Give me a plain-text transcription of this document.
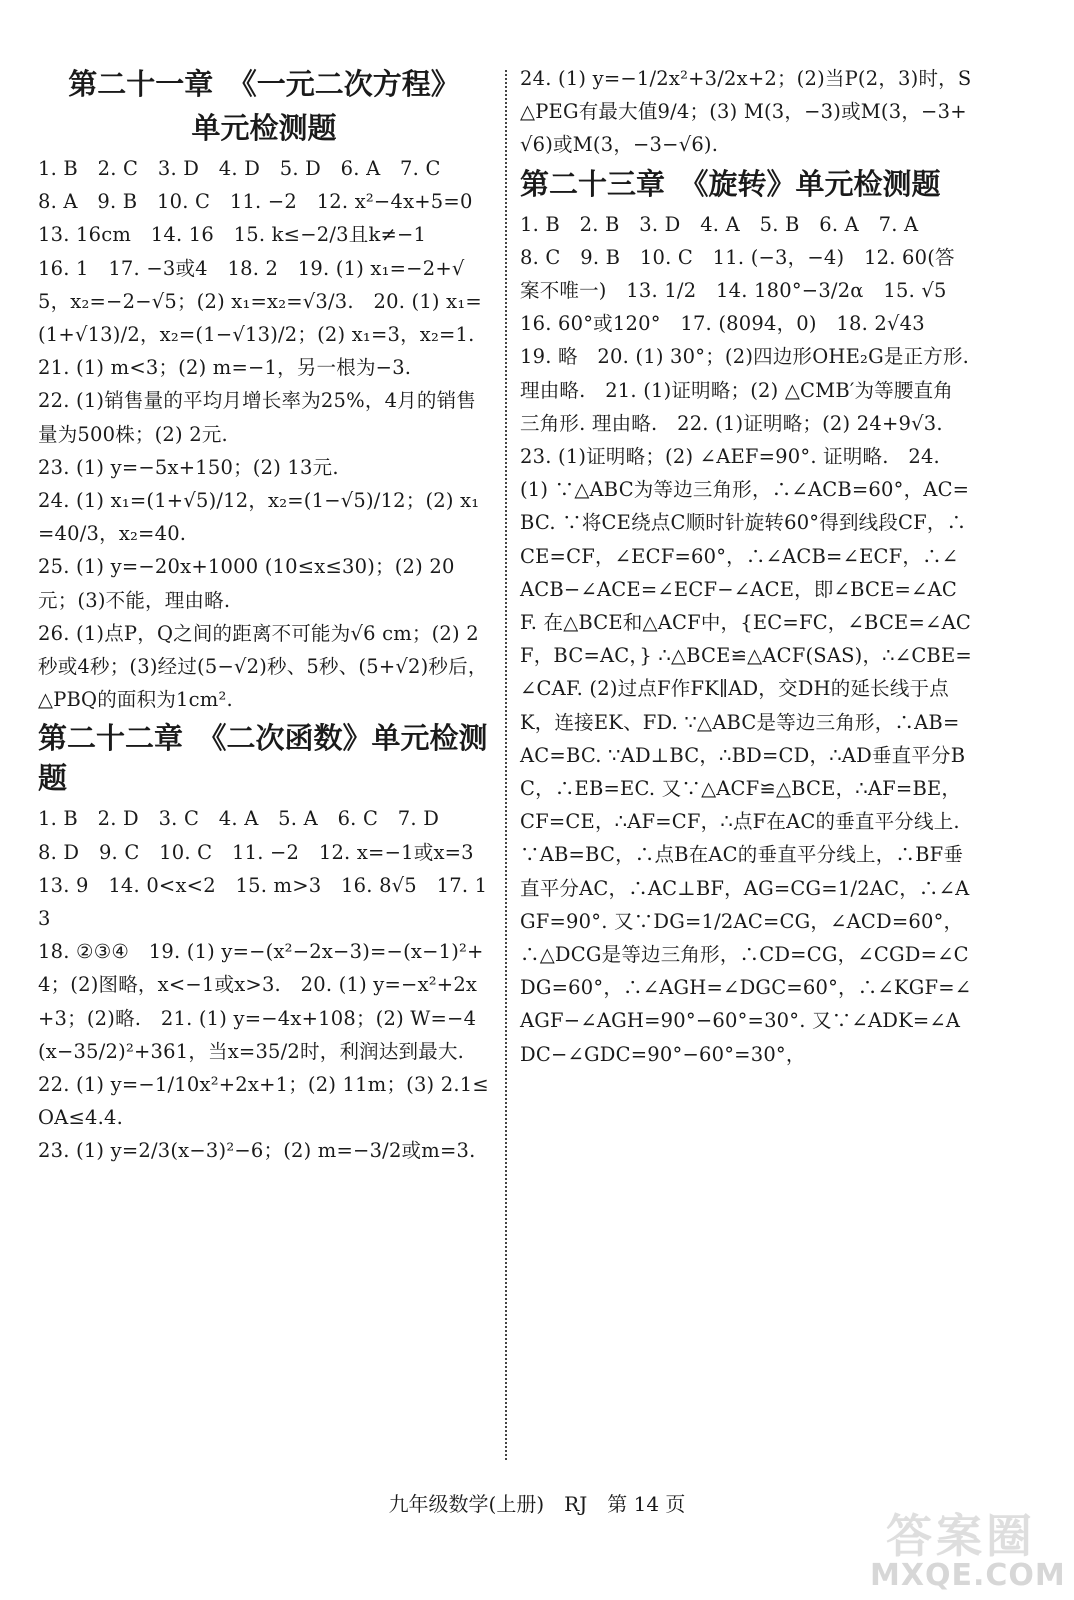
第二十一章　《一元二次方程》
单元检测题
1. B　2. C　3. D　4. D　5. D　6. A　7. C
8. A　9. B　10. C　11. −2　12. x²−4x+5=0
13. 16cm　14. 16　15. k≤−2/3且k≠−1
16. 1　17. −3或4　18. 2　19. (1) x₁=−2+√5，x₂=−2−√5；(2) x₁=x₂=√3/3.　20. (1) x₁=(1+√13)/2，x₂=(1−√13)/2；(2) x₁=3，x₂=1.
21. (1) m<3；(2) m=−1，另一根为−3.
22. (1)销售量的平均月增长率为25%，4月的销售量为500株；(2) 2元.
23. (1) y=−5x+150；(2) 13元.
24. (1) x₁=(1+√5)/12，x₂=(1−√5)/12；(2) x₁=40/3，x₂=40.
25. (1) y=−20x+1000 (10≤x≤30)；(2) 20元；(3)不能，理由略.
26. (1)点P，Q之间的距离不可能为√6 cm；(2) 2秒或4秒；(3)经过(5−√2)秒、5秒、(5+√2)秒后，△PBQ的面积为1cm².
第二十二章　《二次函数》单元检测题
1. B　2. D　3. C　4. A　5. A　6. C　7. D
8. D　9. C　10. C　11. −2　12. x=−1或x=3
13. 9　14. 0<x<2　15. m>3　16. 8√5　17. 13
18. ②③④　19. (1) y=−(x²−2x−3)=−(x−1)²+4；(2)图略，x<−1或x>3.　20. (1) y=−x²+2x+3；(2)略.　21. (1) y=−4x+108；(2) W=−4(x−35/2)²+361，当x=35/2时，利润达到最大.　22. (1) y=−1/10x²+2x+1；(2) 11m；(3) 2.1≤OA≤4.4.
23. (1) y=2/3(x−3)²−6；(2) m=−3/2或m=3.
24. (1) y=−1/2x²+3/2x+2；(2)当P(2，3)时，S△PEG有最大值9/4；(3) M(3，−3)或M(3，−3+√6)或M(3，−3−√6).
第二十三章　《旋转》单元检测题
1. B　2. B　3. D　4. A　5. B　6. A　7. A
8. C　9. B　10. C　11. (−3，−4)　12. 60(答案不唯一)　13. 1/2　14. 180°−3/2α　15. √5
16. 60°或120°　17. (8094，0)　18. 2√43
19. 略　20. (1) 30°；(2)四边形OHE₂G是正方形. 理由略.　21. (1)证明略；(2) △CMB′为等腰直角三角形. 理由略.　22. (1)证明略；(2) 24+9√3.　23. (1)证明略；(2) ∠AEF=90°. 证明略.　24. (1) ∵△ABC为等边三角形，∴∠ACB=60°，AC=BC. ∵将CE绕点C顺时针旋转60°得到线段CF，∴CE=CF，∠ECF=60°，∴∠ACB=∠ECF，∴∠ACB−∠ACE=∠ECF−∠ACE，即∠BCE=∠ACF. 在△BCE和△ACF中，{EC=FC，∠BCE=∠ACF，BC=AC，} ∴△BCE≌△ACF(SAS)，∴∠CBE=∠CAF. (2)过点F作FK∥AD，交DH的延长线于点K，连接EK、FD. ∵△ABC是等边三角形，∴AB=AC=BC. ∵AD⊥BC，∴BD=CD，∴AD垂直平分BC，∴EB=EC. 又∵△ACF≌△BCE，∴AF=BE，CF=CE，∴AF=CF，∴点F在AC的垂直平分线上. ∵AB=BC，∴点B在AC的垂直平分线上，∴BF垂直平分AC，∴AC⊥BF，AG=CG=1/2AC，∴∠AGF=90°. 又∵DG=1/2AC=CG，∠ACD=60°，∴△DCG是等边三角形，∴CD=CG，∠CGD=∠CDG=60°，∴∠AGH=∠DGC=60°，∴∠KGF=∠AGF−∠AGH=90°−60°=30°. 又∵∠ADK=∠ADC−∠GDC=90°−60°=30°，
九年级数学(上册)　RJ　第 14 页
答案圈
MXQE.COM
